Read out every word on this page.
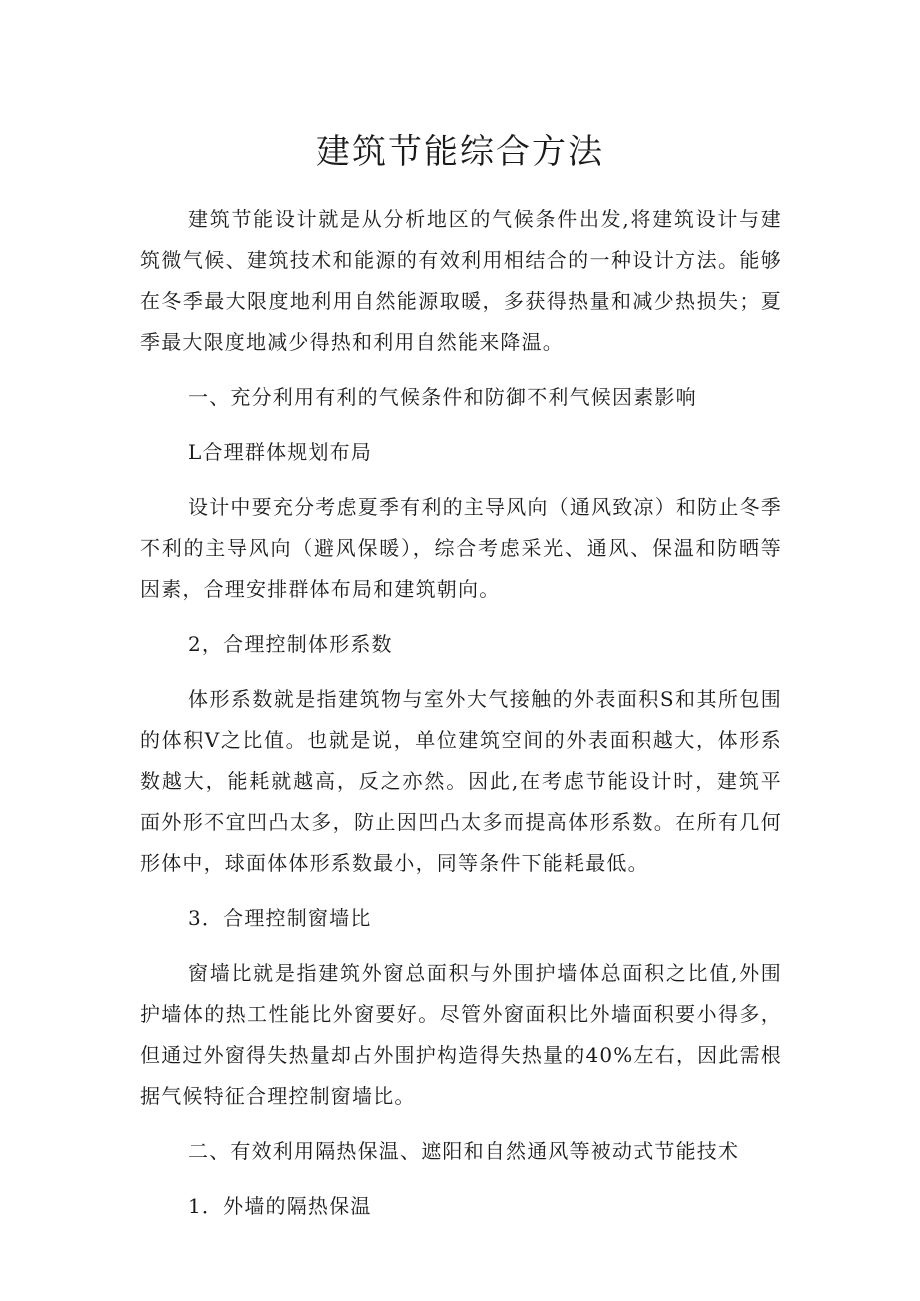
建筑节能综合方法

建筑节能设计就是从分析地区的气候条件出发,将建筑设计与建筑微气候、建筑技术和能源的有效利用相结合的一种设计方法。能够在冬季最大限度地利用自然能源取暖，多获得热量和减少热损失；夏季最大限度地减少得热和利用自然能来降温。

一、充分利用有利的气候条件和防御不利气候因素影响

L合理群体规划布局

设计中要充分考虑夏季有利的主导风向（通风致凉）和防止冬季不利的主导风向（避风保暖），综合考虑采光、通风、保温和防晒等因素，合理安排群体布局和建筑朝向。

2，合理控制体形系数

体形系数就是指建筑物与室外大气接触的外表面积S和其所包围的体积V之比值。也就是说，单位建筑空间的外表面积越大，体形系数越大，能耗就越高，反之亦然。因此,在考虑节能设计时，建筑平面外形不宜凹凸太多，防止因凹凸太多而提高体形系数。在所有几何形体中，球面体体形系数最小，同等条件下能耗最低。

3．合理控制窗墙比

窗墙比就是指建筑外窗总面积与外围护墙体总面积之比值,外围护墙体的热工性能比外窗要好。尽管外窗面积比外墙面积要小得多，但通过外窗得失热量却占外围护构造得失热量的40%左右，因此需根据气候特征合理控制窗墙比。

二、有效利用隔热保温、遮阳和自然通风等被动式节能技术

1．外墙的隔热保温
